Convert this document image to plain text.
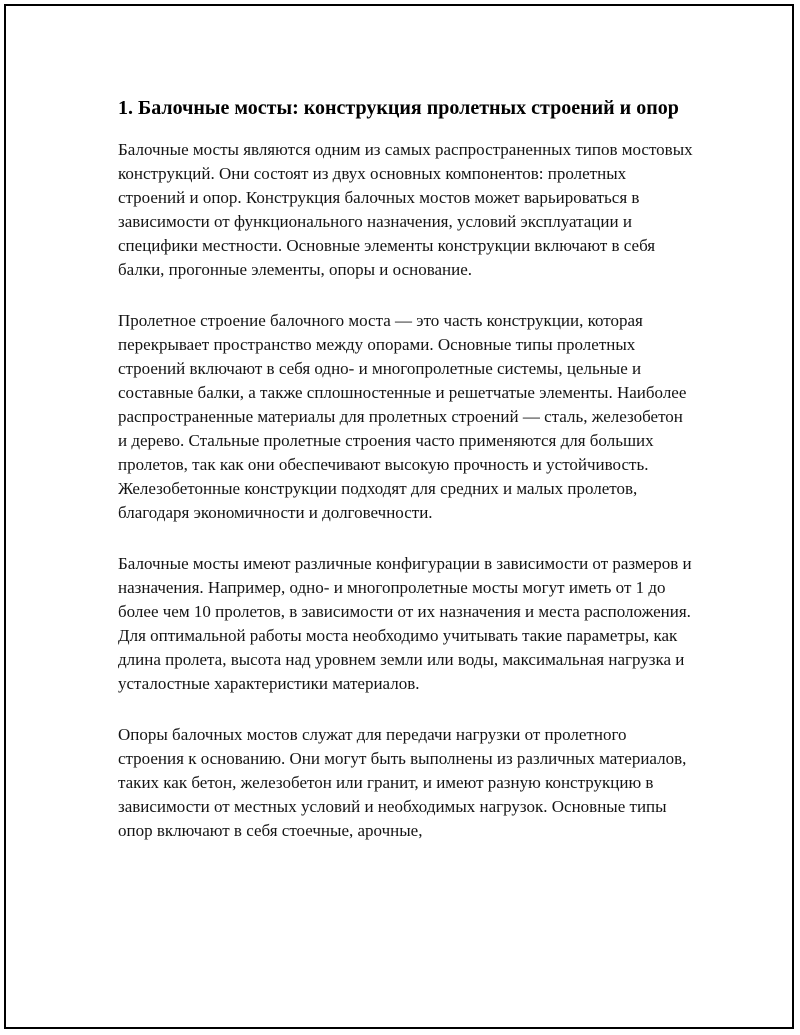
1. Балочные мосты: конструкция пролетных строений и опор

Балочные мосты являются одним из самых распространенных типов мостовых конструкций. Они состоят из двух основных компонентов: пролетных строений и опор. Конструкция балочных мостов может варьироваться в зависимости от функционального назначения, условий эксплуатации и специфики местности. Основные элементы конструкции включают в себя балки, прогонные элементы, опоры и основание.

Пролетное строение балочного моста — это часть конструкции, которая перекрывает пространство между опорами. Основные типы пролетных строений включают в себя одно- и многопролетные системы, цельные и составные балки, а также сплошностенные и решетчатые элементы. Наиболее распространенные материалы для пролетных строений — сталь, железобетон и дерево. Стальные пролетные строения часто применяются для больших пролетов, так как они обеспечивают высокую прочность и устойчивость. Железобетонные конструкции подходят для средних и малых пролетов, благодаря экономичности и долговечности.

Балочные мосты имеют различные конфигурации в зависимости от размеров и назначения. Например, одно- и многопролетные мосты могут иметь от 1 до более чем 10 пролетов, в зависимости от их назначения и места расположения. Для оптимальной работы моста необходимо учитывать такие параметры, как длина пролета, высота над уровнем земли или воды, максимальная нагрузка и усталостные характеристики материалов.

Опоры балочных мостов служат для передачи нагрузки от пролетного строения к основанию. Они могут быть выполнены из различных материалов, таких как бетон, железобетон или гранит, и имеют разную конструкцию в зависимости от местных условий и необходимых нагрузок. Основные типы опор включают в себя стоечные, арочные,
